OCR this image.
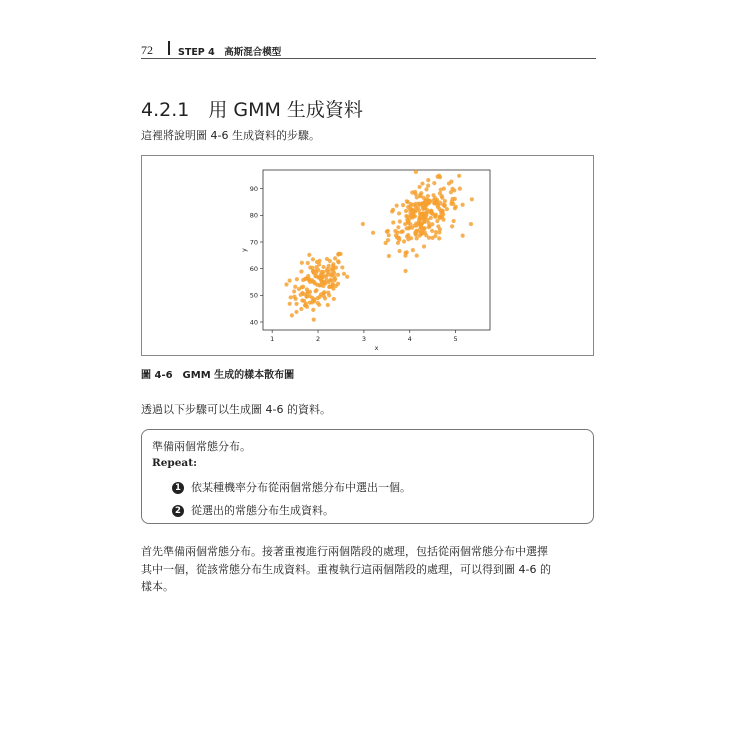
72	STEP 4　高斯混合模型
4.2.1　用 GMM 生成資料
這裡將說明圖 4-6 生成資料的步驟。
1	2	3	4	5
40
50
60
70
80
90
x
y
圖 4-6　GMM 生成的樣本散布圖
透過以下步驟可以生成圖 4-6 的資料。
準備兩個常態分布。
Repeat:
1 依某種機率分布從兩個常態分布中選出一個。
2 從選出的常態分布生成資料。
首先準備兩個常態分布。接著重複進行兩個階段的處理，包括從兩個常態分布中選擇
其中一個，從該常態分布生成資料。重複執行這兩個階段的處理，可以得到圖 4-6 的
樣本。
